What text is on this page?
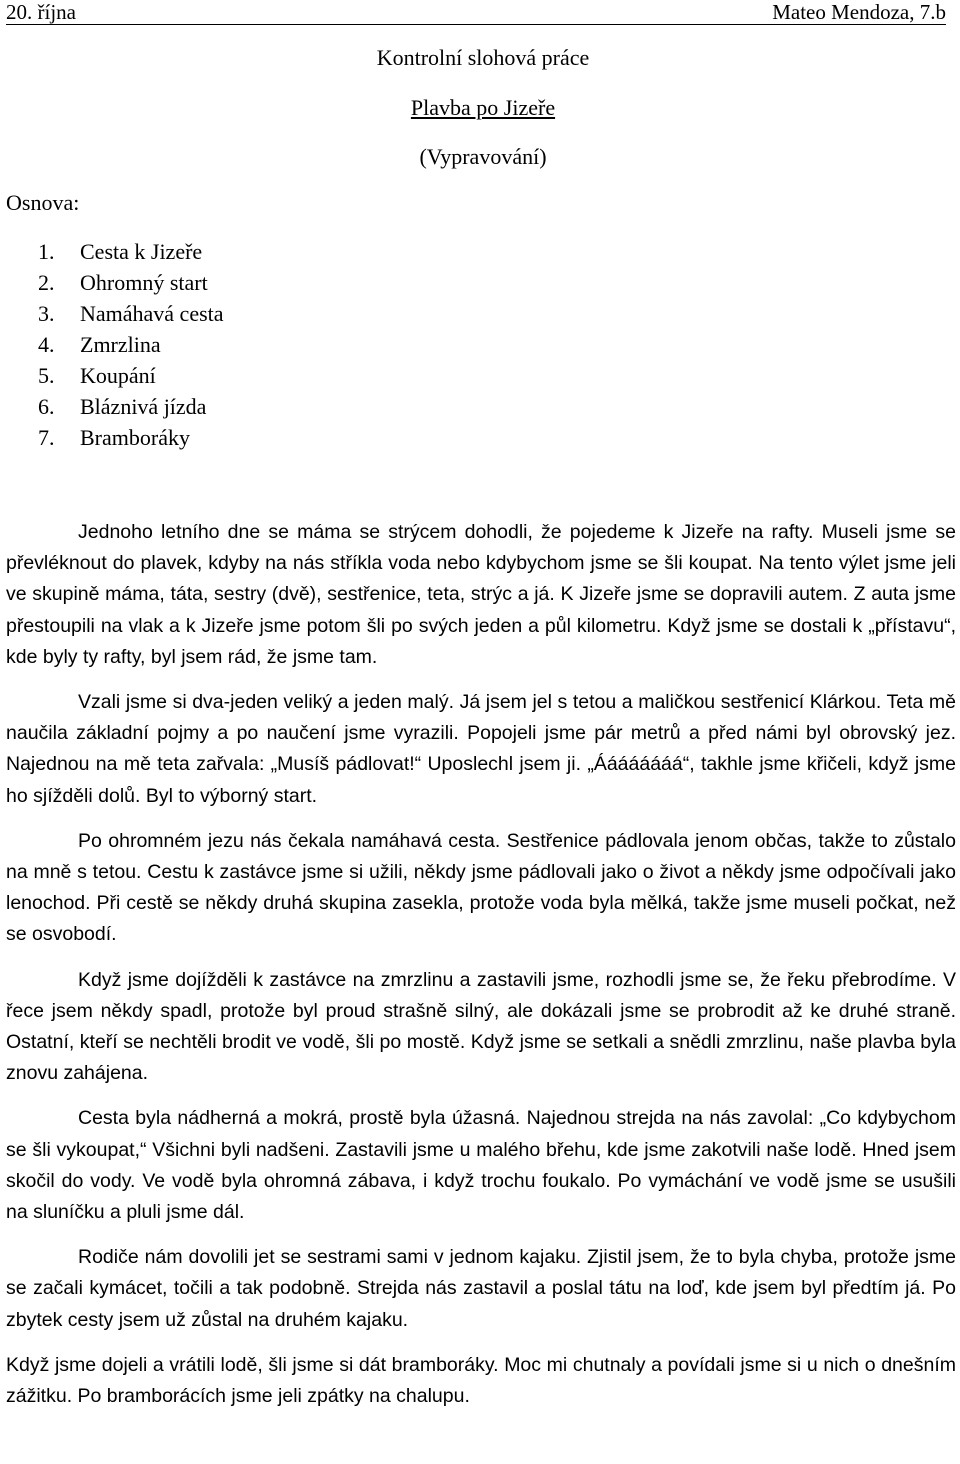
20. října	Mateo Mendoza, 7.b
Kontrolní slohová práce
Plavba po Jizeře
(Vypravování)
Osnova:
1. Cesta k Jizeře
2. Ohromný start
3. Namáhavá cesta
4. Zmrzlina
5. Koupání
6. Bláznivá jízda
7. Bramboráky

Jednoho letního dne se máma se strýcem dohodli, že pojedeme k Jizeře na rafty. Museli jsme se převléknout do plavek, kdyby na nás stříkla voda nebo kdybychom jsme se šli koupat. Na tento výlet jsme jeli ve skupině máma, táta, sestry (dvě), sestřenice, teta, strýc a já. K Jizeře jsme se dopravili autem. Z auta jsme přestoupili na vlak a k Jizeře jsme potom šli po svých jeden a půl kilometru. Když jsme se dostali k „přístavu“, kde byly ty rafty, byl jsem rád, že jsme tam.

Vzali jsme si dva-jeden veliký a jeden malý. Já jsem jel s tetou a maličkou sestřenicí Klárkou. Teta mě naučila základní pojmy a po naučení jsme vyrazili. Popojeli jsme pár metrů a před námi byl obrovský jez. Najednou na mě teta zařvala: „Musíš pádlovat!“ Uposlechl jsem ji. „Áááááááá“, takhle jsme křičeli, když jsme ho sjížděli dolů. Byl to výborný start.

Po ohromném jezu nás čekala namáhavá cesta. Sestřenice pádlovala jenom občas, takže to zůstalo na mně s tetou. Cestu k zastávce jsme si užili, někdy jsme pádlovali jako o život a někdy jsme odpočívali jako lenochod. Při cestě se někdy druhá skupina zasekla, protože voda byla mělká, takže jsme museli počkat, než se osvobodí.

Když jsme dojížděli k zastávce na zmrzlinu a zastavili jsme, rozhodli jsme se, že řeku přebrodíme. V řece jsem někdy spadl, protože byl proud strašně silný, ale dokázali jsme se probrodit až ke druhé straně. Ostatní, kteří se nechtěli brodit ve vodě, šli po mostě. Když jsme se setkali a snědli zmrzlinu, naše plavba byla znovu zahájena.

Cesta byla nádherná a mokrá, prostě byla úžasná. Najednou strejda na nás zavolal: „Co kdybychom se šli vykoupat,“ Všichni byli nadšeni. Zastavili jsme u malého břehu, kde jsme zakotvili naše lodě. Hned jsem skočil do vody. Ve vodě byla ohromná zábava, i když trochu foukalo. Po vymáchání ve vodě jsme se usušili na sluníčku a pluli jsme dál.

Rodiče nám dovolili jet se sestrami sami v jednom kajaku. Zjistil jsem, že to byla chyba, protože jsme se začali kymácet, točili a tak podobně. Strejda nás zastavil a poslal tátu na loď, kde jsem byl předtím já. Po zbytek cesty jsem už zůstal na druhém kajaku.

Když jsme dojeli a vrátili lodě, šli jsme si dát bramboráky. Moc mi chutnaly a povídali jsme si u nich o dnešním zážitku. Po bramborácích jsme jeli zpátky na chalupu.
